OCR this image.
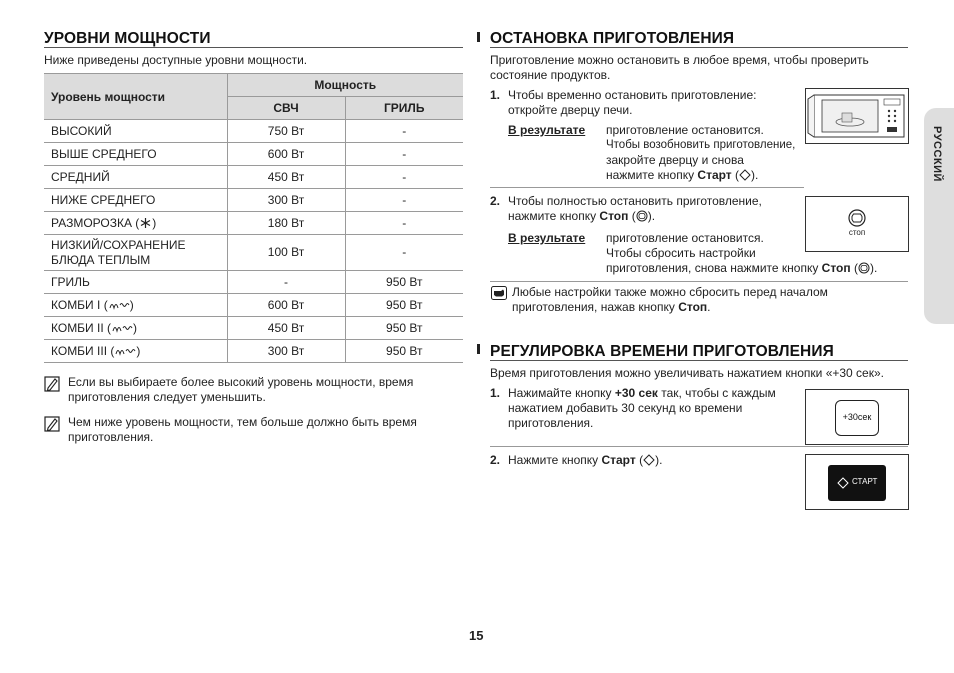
УРОВНИ МОЩНОСТИ
Ниже приведены доступные уровни мощности.
Уровень мощности	Мощность	
	СВЧ	ГРИЛЬ
ВЫСОКИЙ	750 Вт	-
ВЫШЕ СРЕДНЕГО	600 Вт	-
СРЕДНИЙ	450 Вт	-
НИЖЕ СРЕДНЕГО	300 Вт	-
РАЗМОРОЗКА ( )	180 Вт	-

НИЗКИЙ/СОХРАНЕНИЕ
БЛЮДА ТЕПЛЫМ	100 Вт	-
ГРИЛЬ	-	950 Вт
КОМБИ I ( )	600 Вт	950 Вт
КОМБИ II ( )	450 Вт	950 Вт
КОМБИ III ( )	300 Вт	950 Вт
Если вы выбираете более высокий уровень мощности, время
приготовления следует уменьшить.
Чем ниже уровень мощности, тем больше должно быть время
приготовления.
ОСТАНОВКА ПРИГОТОВЛЕНИЯ
Приготовление можно остановить в любое время, чтобы проверить
состояние продуктов.
1. Чтобы временно остановить приготовление:
откройте дверцу печи.
В результате приготовление остановится.
Чтобы возобновить приготовление,
закройте дверцу и снова
нажмите кнопку Старт ( ).
2. Чтобы полностью остановить приготовление,
нажмите кнопку Стоп ( ).
В результате приготовление остановится.
Чтобы сбросить настройки
приготовления, снова нажмите кнопку Стоп ( ).
стоп
Любые настройки также можно сбросить перед началом
приготовления, нажав кнопку Стоп.
РЕГУЛИРОВКА ВРЕМЕНИ ПРИГОТОВЛЕНИЯ
Время приготовления можно увеличивать нажатием кнопки «+30 сек».
1. Нажимайте кнопку +30 сек так, чтобы с каждым
нажатием добавить 30 секунд ко времени
приготовления.	+30сек
2. Нажмите кнопку Старт ( ).
СТАРТ
РУССКИЙ
15
